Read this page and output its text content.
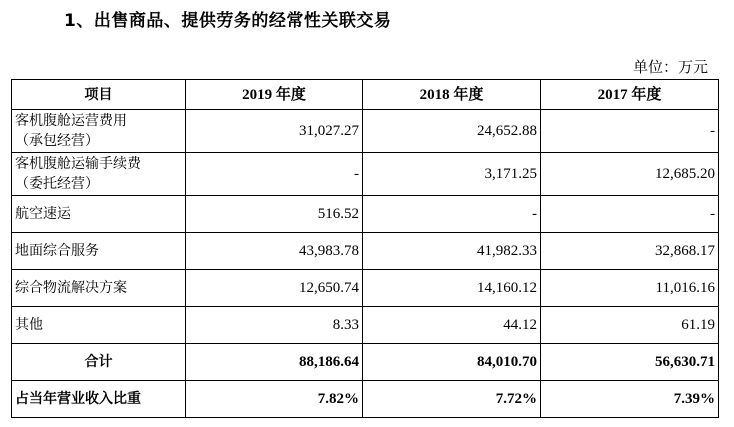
1、出售商品、提供劳务的经常性关联交易
单位：万元
项目	2019 年度	2018 年度	2017 年度

客机腹舱运营费用
（承包经营）	31,027.27	24,652.88	-

客机腹舱运输手续费
（委托经营）	-	3,171.25	12,685.20
航空速运	516.52	-	-
地面综合服务	43,983.78	41,982.33	32,868.17
综合物流解决方案	12,650.74	14,160.12	11,016.16
其他	8.33	44.12	61.19
合计	88,186.64	84,010.70	56,630.71
占当年营业收入比重	7.82%	7.72%	7.39%
